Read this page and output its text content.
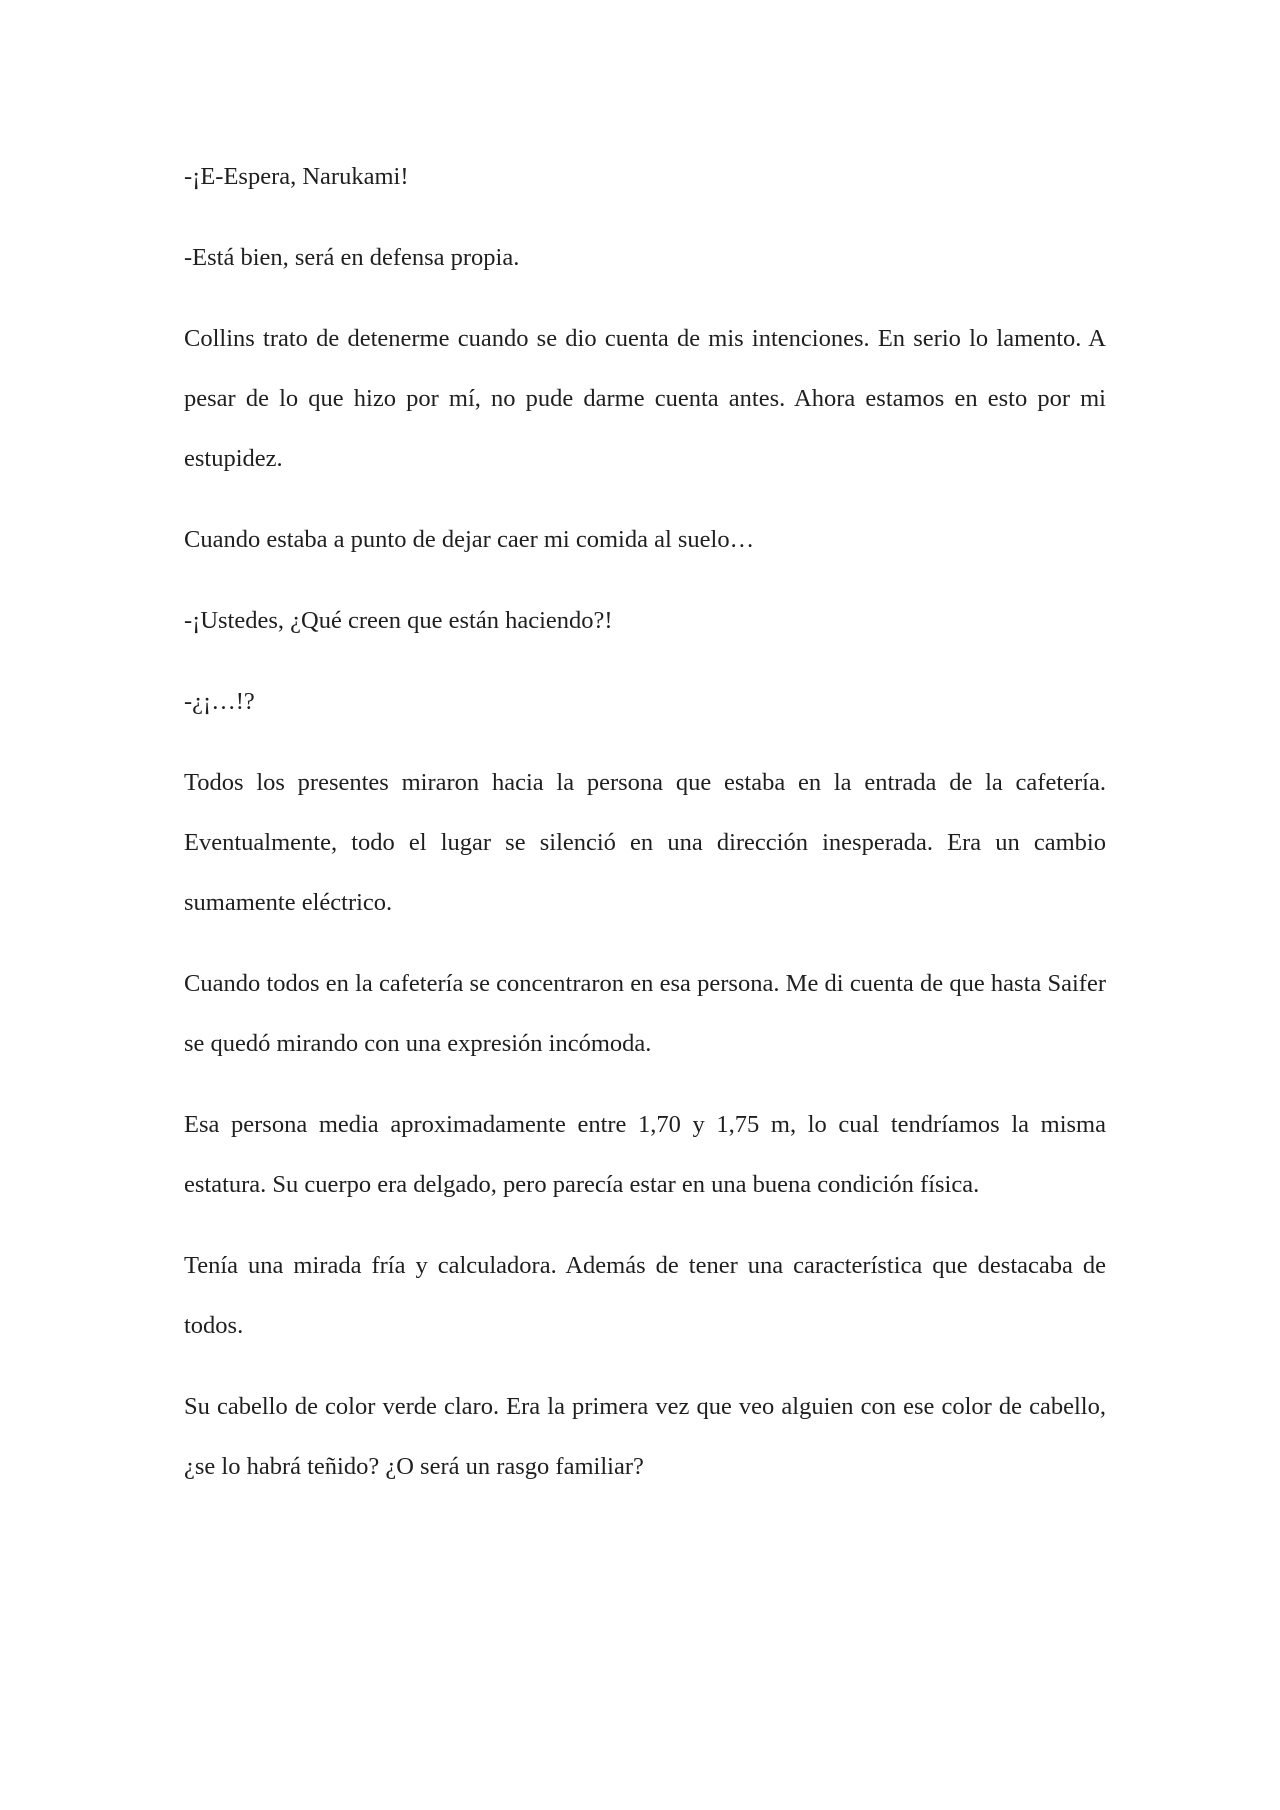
-¡E-Espera, Narukami!

-Está bien, será en defensa propia.

Collins trato de detenerme cuando se dio cuenta de mis intenciones. En serio lo lamento. A pesar de lo que hizo por mí, no pude darme cuenta antes. Ahora estamos en esto por mi estupidez.

Cuando estaba a punto de dejar caer mi comida al suelo…

-¡Ustedes, ¿Qué creen que están haciendo?!

-¿¡…!?

Todos los presentes miraron hacia la persona que estaba en la entrada de la cafetería. Eventualmente, todo el lugar se silenció en una dirección inesperada. Era un cambio sumamente eléctrico.

Cuando todos en la cafetería se concentraron en esa persona. Me di cuenta de que hasta Saifer se quedó mirando con una expresión incómoda.

Esa persona media aproximadamente entre 1,70 y 1,75 m, lo cual tendríamos la misma estatura. Su cuerpo era delgado, pero parecía estar en una buena condición física.

Tenía una mirada fría y calculadora. Además de tener una característica que destacaba de todos.

Su cabello de color verde claro. Era la primera vez que veo alguien con ese color de cabello, ¿se lo habrá teñido? ¿O será un rasgo familiar?
